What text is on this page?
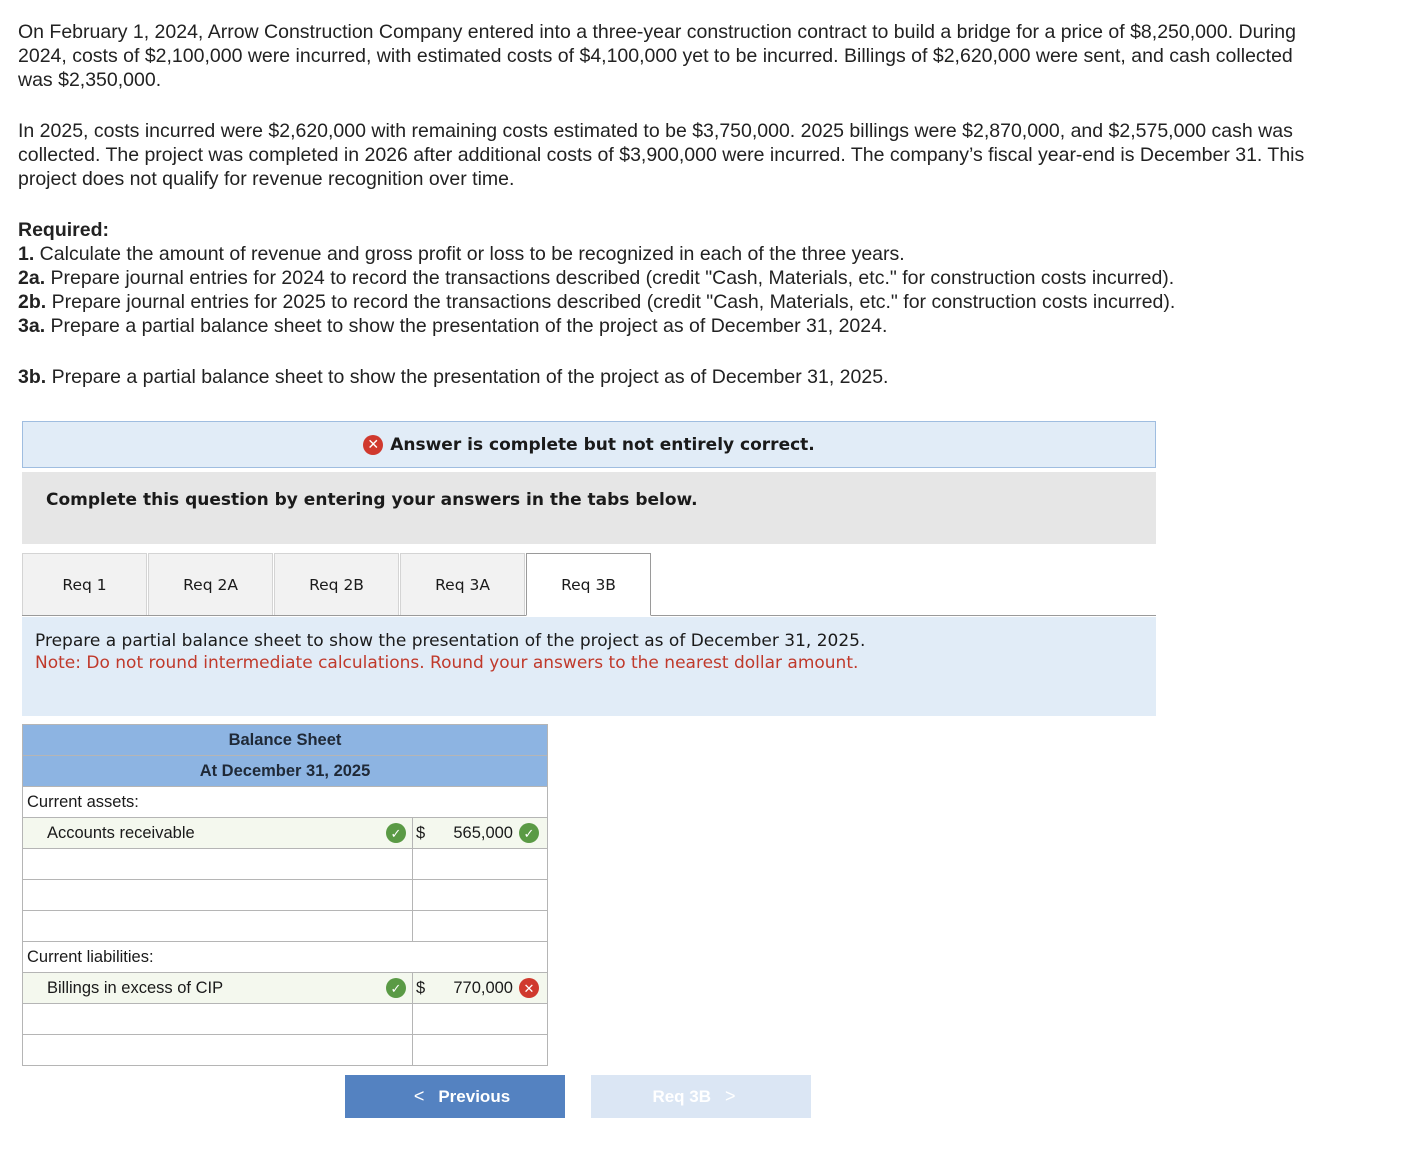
On February 1, 2024, Arrow Construction Company entered into a three-year construction contract to build a bridge for a price of $8,250,000. During 2024, costs of $2,100,000 were incurred, with estimated costs of $4,100,000 yet to be incurred. Billings of $2,620,000 were sent, and cash collected was $2,350,000.

In 2025, costs incurred were $2,620,000 with remaining costs estimated to be $3,750,000. 2025 billings were $2,870,000, and $2,575,000 cash was collected. The project was completed in 2026 after additional costs of $3,900,000 were incurred. The company’s fiscal year-end is December 31. This project does not qualify for revenue recognition over time.

Required:
1. Calculate the amount of revenue and gross profit or loss to be recognized in each of the three years.
2a. Prepare journal entries for 2024 to record the transactions described (credit "Cash, Materials, etc." for construction costs incurred).
2b. Prepare journal entries for 2025 to record the transactions described (credit "Cash, Materials, etc." for construction costs incurred).
3a. Prepare a partial balance sheet to show the presentation of the project as of December 31, 2024.
3b. Prepare a partial balance sheet to show the presentation of the project as of December 31, 2025.
✕ Answer is complete but not entirely correct.
Complete this question by entering your answers in the tabs below.
Req 1	Req 2A	Req 2B	Req 3A	Req 3B
Prepare a partial balance sheet to show the presentation of the project as of December 31, 2025.
Note: Do not round intermediate calculations. Round your answers to the nearest dollar amount.
Balance Sheet	
At December 31, 2025	
Current assets:	
Accounts receivable ✓	$ 565,000 ✓

Current liabilities:	
Billings in excess of CIP ✓	$ 770,000 ✕

< Previous	Req 3B >
